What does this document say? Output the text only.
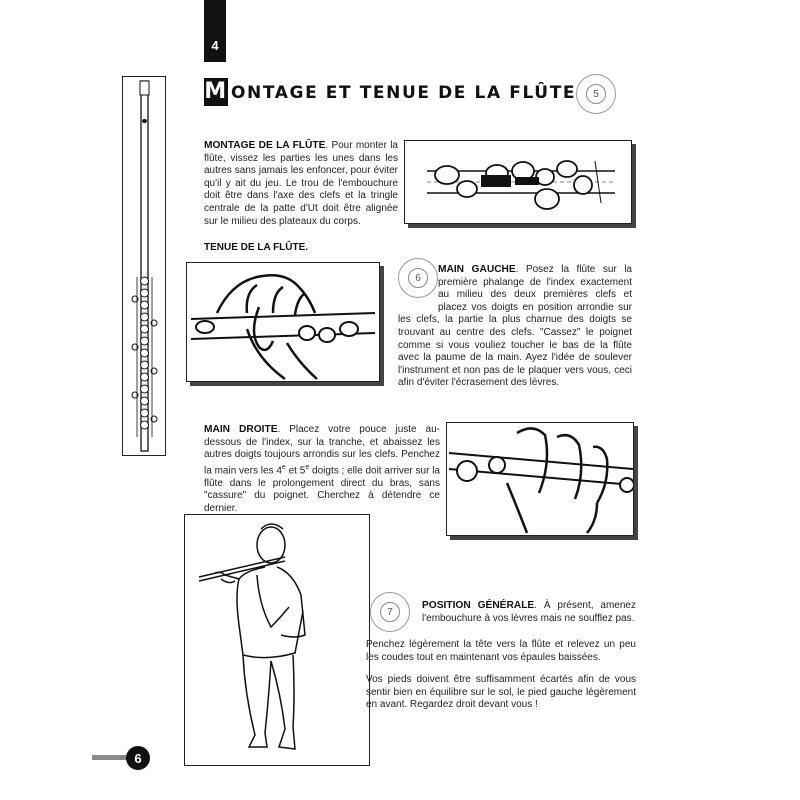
4
M ONTAGE ET TENUE DE LA FLÛTE	5
MONTAGE DE LA FLÛTE. Pour monter la flûte, vissez les parties les unes dans les autres sans jamais les enfoncer, pour éviter qu'il y ait du jeu. Le trou de l'embouchure doit être dans l'axe des clefs et la tringle centrale de la patte d'Ut doit être alignée sur le milieu des plateaux du corps.
TENUE DE LA FLÛTE.
6
MAIN GAUCHE. Posez la flûte sur la première phalange de l'index exactement au milieu des deux premières clefs et placez vos doigts en position arrondie sur les clefs, la partie la plus charnue des doigts se trouvant au centre des clefs. "Cassez" le poignet comme si vous vouliez toucher le bas de la flûte avec la paume de la main. Ayez l'idée de soulever l'instrument et non pas de le plaquer vers vous, ceci afin d'éviter l'écrasement des lèvres.
MAIN DROITE. Placez votre pouce juste au-dessous de l'index, sur la tranche, et abaissez les autres doigts toujours arrondis sur les clefs. Penchez la main vers les 4e et 5e doigts ; elle doit arriver sur la flûte dans le prolongement direct du bras, sans "cassure" du poignet. Cherchez à détendre ce dernier.
7
POSITION GÉNÉRALE. À présent, amenez l'embouchure à vos lèvres mais ne soufflez pas.
Penchez légèrement la tête vers la flûte et relevez un peu les coudes tout en maintenant vos épaules baissées.
Vos pieds doivent être suffisamment écartés afin de vous sentir bien en équilibre sur le sol, le pied gauche légèrement en avant. Regardez droit devant vous !
6
